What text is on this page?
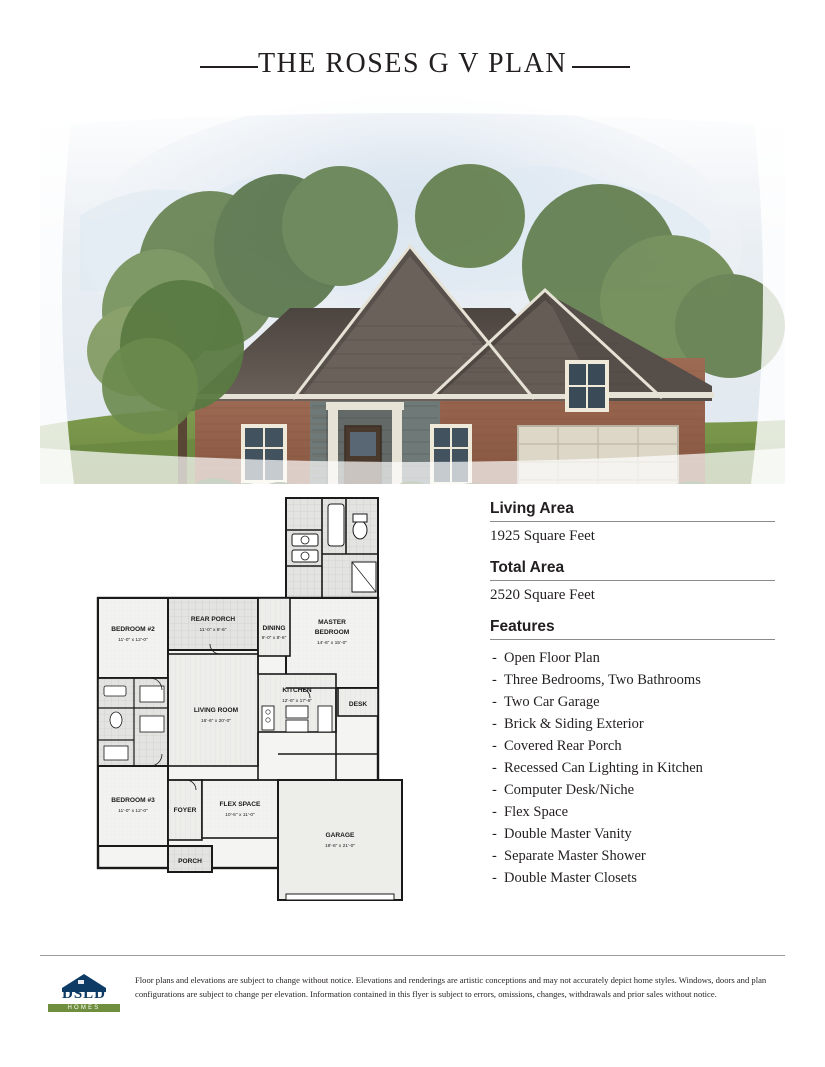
THE ROSES G V PLAN
MASTER
BEDROOM
14'-6" x 15'-0"
REAR PORCH
11'-0" x 8'-6"
BEDROOM #2
11'-0" x 12'-0"
DINING
9'-0" x 8'-6"
KITCHEN
12'-6" x 17'-6"	DESK
LIVING ROOM
16'-6" x 20'-0"
BEDROOM #3
11'-0" x 12'-0"	FOYER
FLEX SPACE
10'-6" x 11'-0"
PORCH
GARAGE
19'-6" x 21'-0"
Living Area
1925 Square Feet
Total Area
2520 Square Feet
Features
- Open Floor Plan
- Three Bedrooms, Two Bathrooms
- Two Car Garage
- Brick & Siding Exterior
- Covered Rear Porch
- Recessed Can Lighting in Kitchen
- Computer Desk/Niche
- Flex Space
- Double Master Vanity
- Separate Master Shower
- Double Master Closets
DSLD
HOMES
Floor plans and elevations are subject to change without notice. Elevations and renderings are artistic conceptions and may not accurately depict home styles. Windows, doors and plan configurations are subject to change per elevation. Information contained in this flyer is subject to errors, omissions, changes, withdrawals and prior sales without notice.
